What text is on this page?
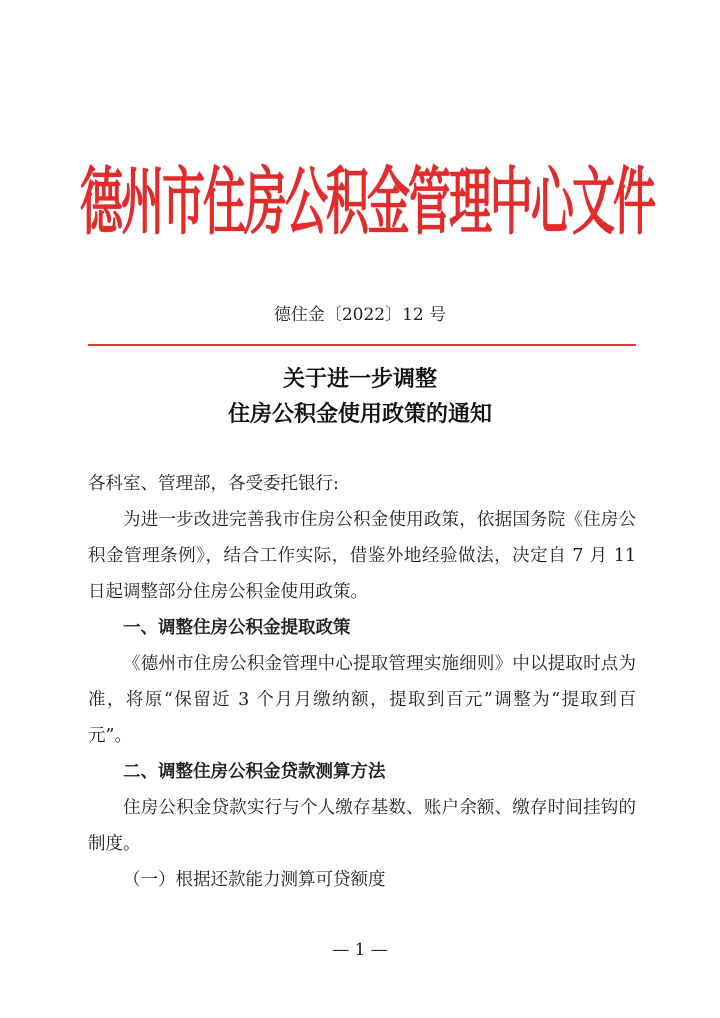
德州市住房公积金管理中心文件
德住金〔2022〕12 号
关于进一步调整
住房公积金使用政策的通知

各科室、管理部，各受委托银行:

为进一步改进完善我市住房公积金使用政策，依据国务院《住房公积金管理条例》，结合工作实际，借鉴外地经验做法，决定自 7 月 11 日起调整部分住房公积金使用政策。

一、调整住房公积金提取政策

《德州市住房公积金管理中心提取管理实施细则》中以提取时点为准，将原“保留近 3 个月月缴纳额，提取到百元”调整为“提取到百元”。

二、调整住房公积金贷款测算方法

住房公积金贷款实行与个人缴存基数、账户余额、缴存时间挂钩的制度。

（一）根据还款能力测算可贷额度

— 1 —
